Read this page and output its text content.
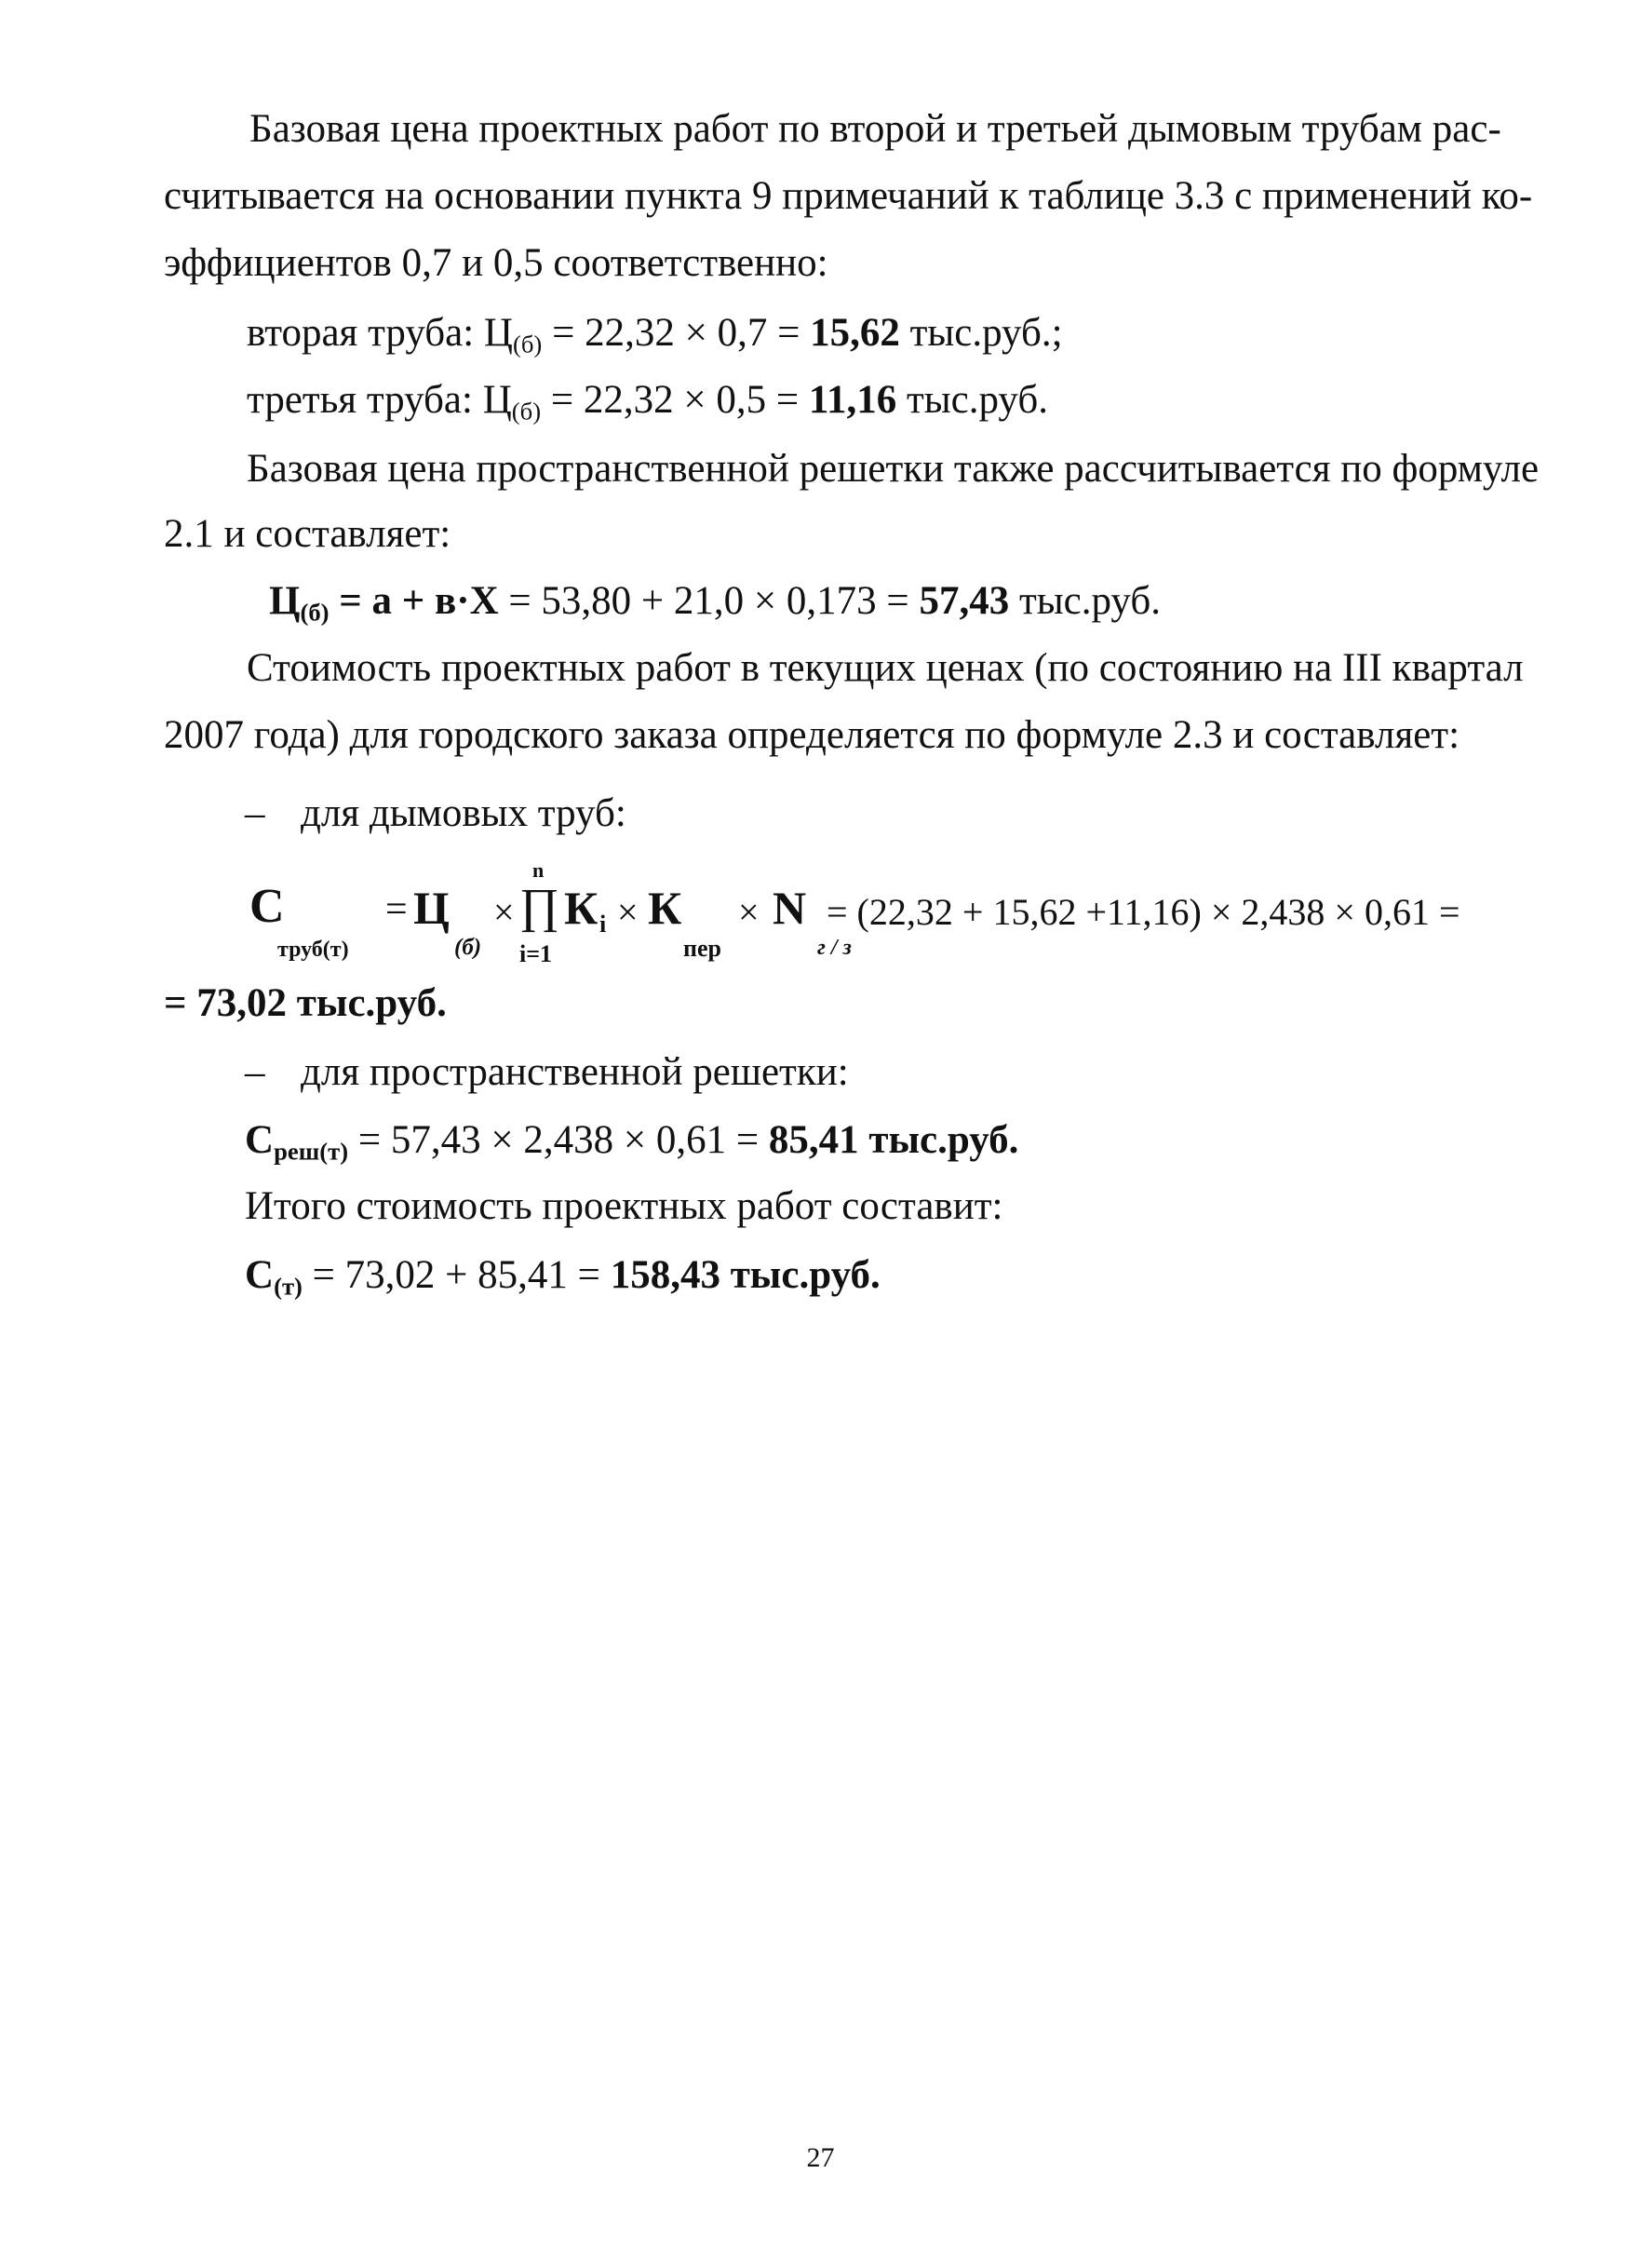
Базовая цена проектных работ по второй и третьей дымовым трубам рас-
считывается на основании пункта 9 примечаний к таблице 3.3 с применений ко-
эффициентов 0,7 и 0,5 соответственно:
вторая труба: $Ц_{(б)} = 22,32 \times 0,7 = 15,62$ тыс.руб.;
третья труба: $Ц_{(б)} = 22,32 \times 0,5 = 11,16$ тыс.руб.
Базовая цена пространственной решетки также рассчитывается по формуле
2.1 и составляет:
$Ц_{(б)} = а + в\cdot Х = 53,80 + 21,0 \times 0,173 = 57,43$ тыс.руб.
Стоимость проектных работ в текущих ценах (по состоянию на III квартал
2007 года) для городского заказа определяется по формуле 2.3 и составляет:
– для дымовых труб:
С
труб(т)
= Ц
(б)
×
n
∏
i=1
К i × К
пер
× N
г / з
= (22,32 + 15,62 +11,16) × 2,438 × 0,61 =
= 73,02 тыс.руб.
– для пространственной решетки:
$С_{реш(т)} = 57,43 \times 2,438 \times 0,61 = 85,41$ тыс.руб.
Итого стоимость проектных работ составит:
$С_{(т)} = 73,02 + 85,41 = 158,43$ тыс.руб.
27
